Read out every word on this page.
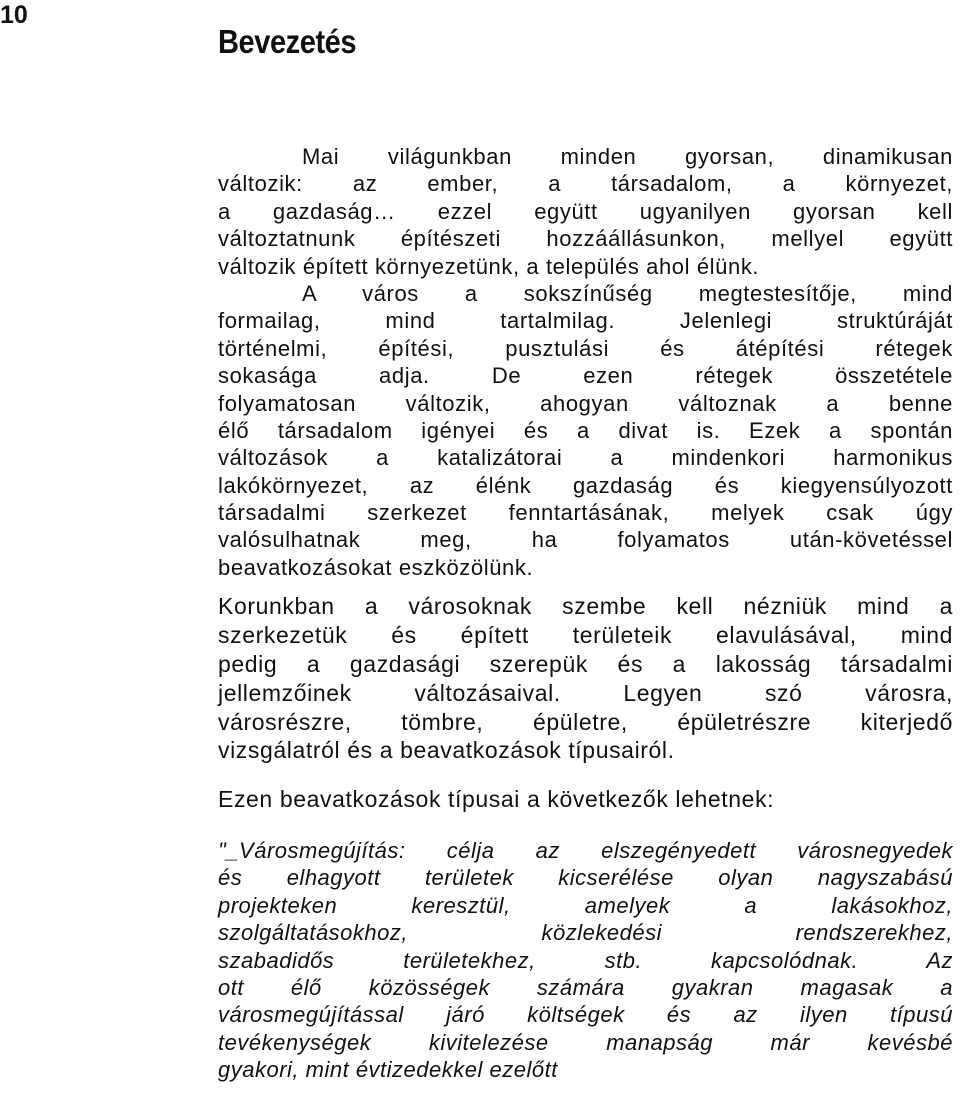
10
Bevezetés
Mai világunkban minden gyorsan, dinamikusan
változik: az ember, a társadalom, a környezet,
a gazdaság… ezzel együtt ugyanilyen gyorsan kell
változtatnunk építészeti hozzáállásunkon, mellyel együtt
változik épített környezetünk, a település ahol élünk.
A város a sokszínűség megtestesítője, mind
formailag, mind tartalmilag. Jelenlegi struktúráját
történelmi, építési, pusztulási és átépítési rétegek
sokasága adja. De ezen rétegek összetétele
folyamatosan változik, ahogyan változnak a benne
élő társadalom igényei és a divat is. Ezek a spontán
változások a katalizátorai a mindenkori harmonikus
lakókörnyezet, az élénk gazdaság és kiegyensúlyozott
társadalmi szerkezet fenntartásának, melyek csak úgy
valósulhatnak meg, ha folyamatos után-követéssel
beavatkozásokat eszközölünk.
Korunkban a városoknak szembe kell nézniük mind a
szerkezetük és épített területeik elavulásával, mind
pedig a gazdasági szerepük és a lakosság társadalmi
jellemzőinek változásaival. Legyen szó városra,
városrészre, tömbre, épületre, épületrészre kiterjedő
vizsgálatról és a beavatkozások típusairól.
Ezen beavatkozások típusai a következők lehetnek:
"_Városmegújítás: célja az elszegényedett városnegyedek
és elhagyott területek kicserélése olyan nagyszabású
projekteken keresztül, amelyek a lakásokhoz,
szolgáltatásokhoz, közlekedési rendszerekhez,
szabadidős területekhez, stb. kapcsolódnak. Az
ott élő közösségek számára gyakran magasak a
városmegújítással járó költségek és az ilyen típusú
tevékenységek kivitelezése manapság már kevésbé
gyakori, mint évtizedekkel ezelőtt
